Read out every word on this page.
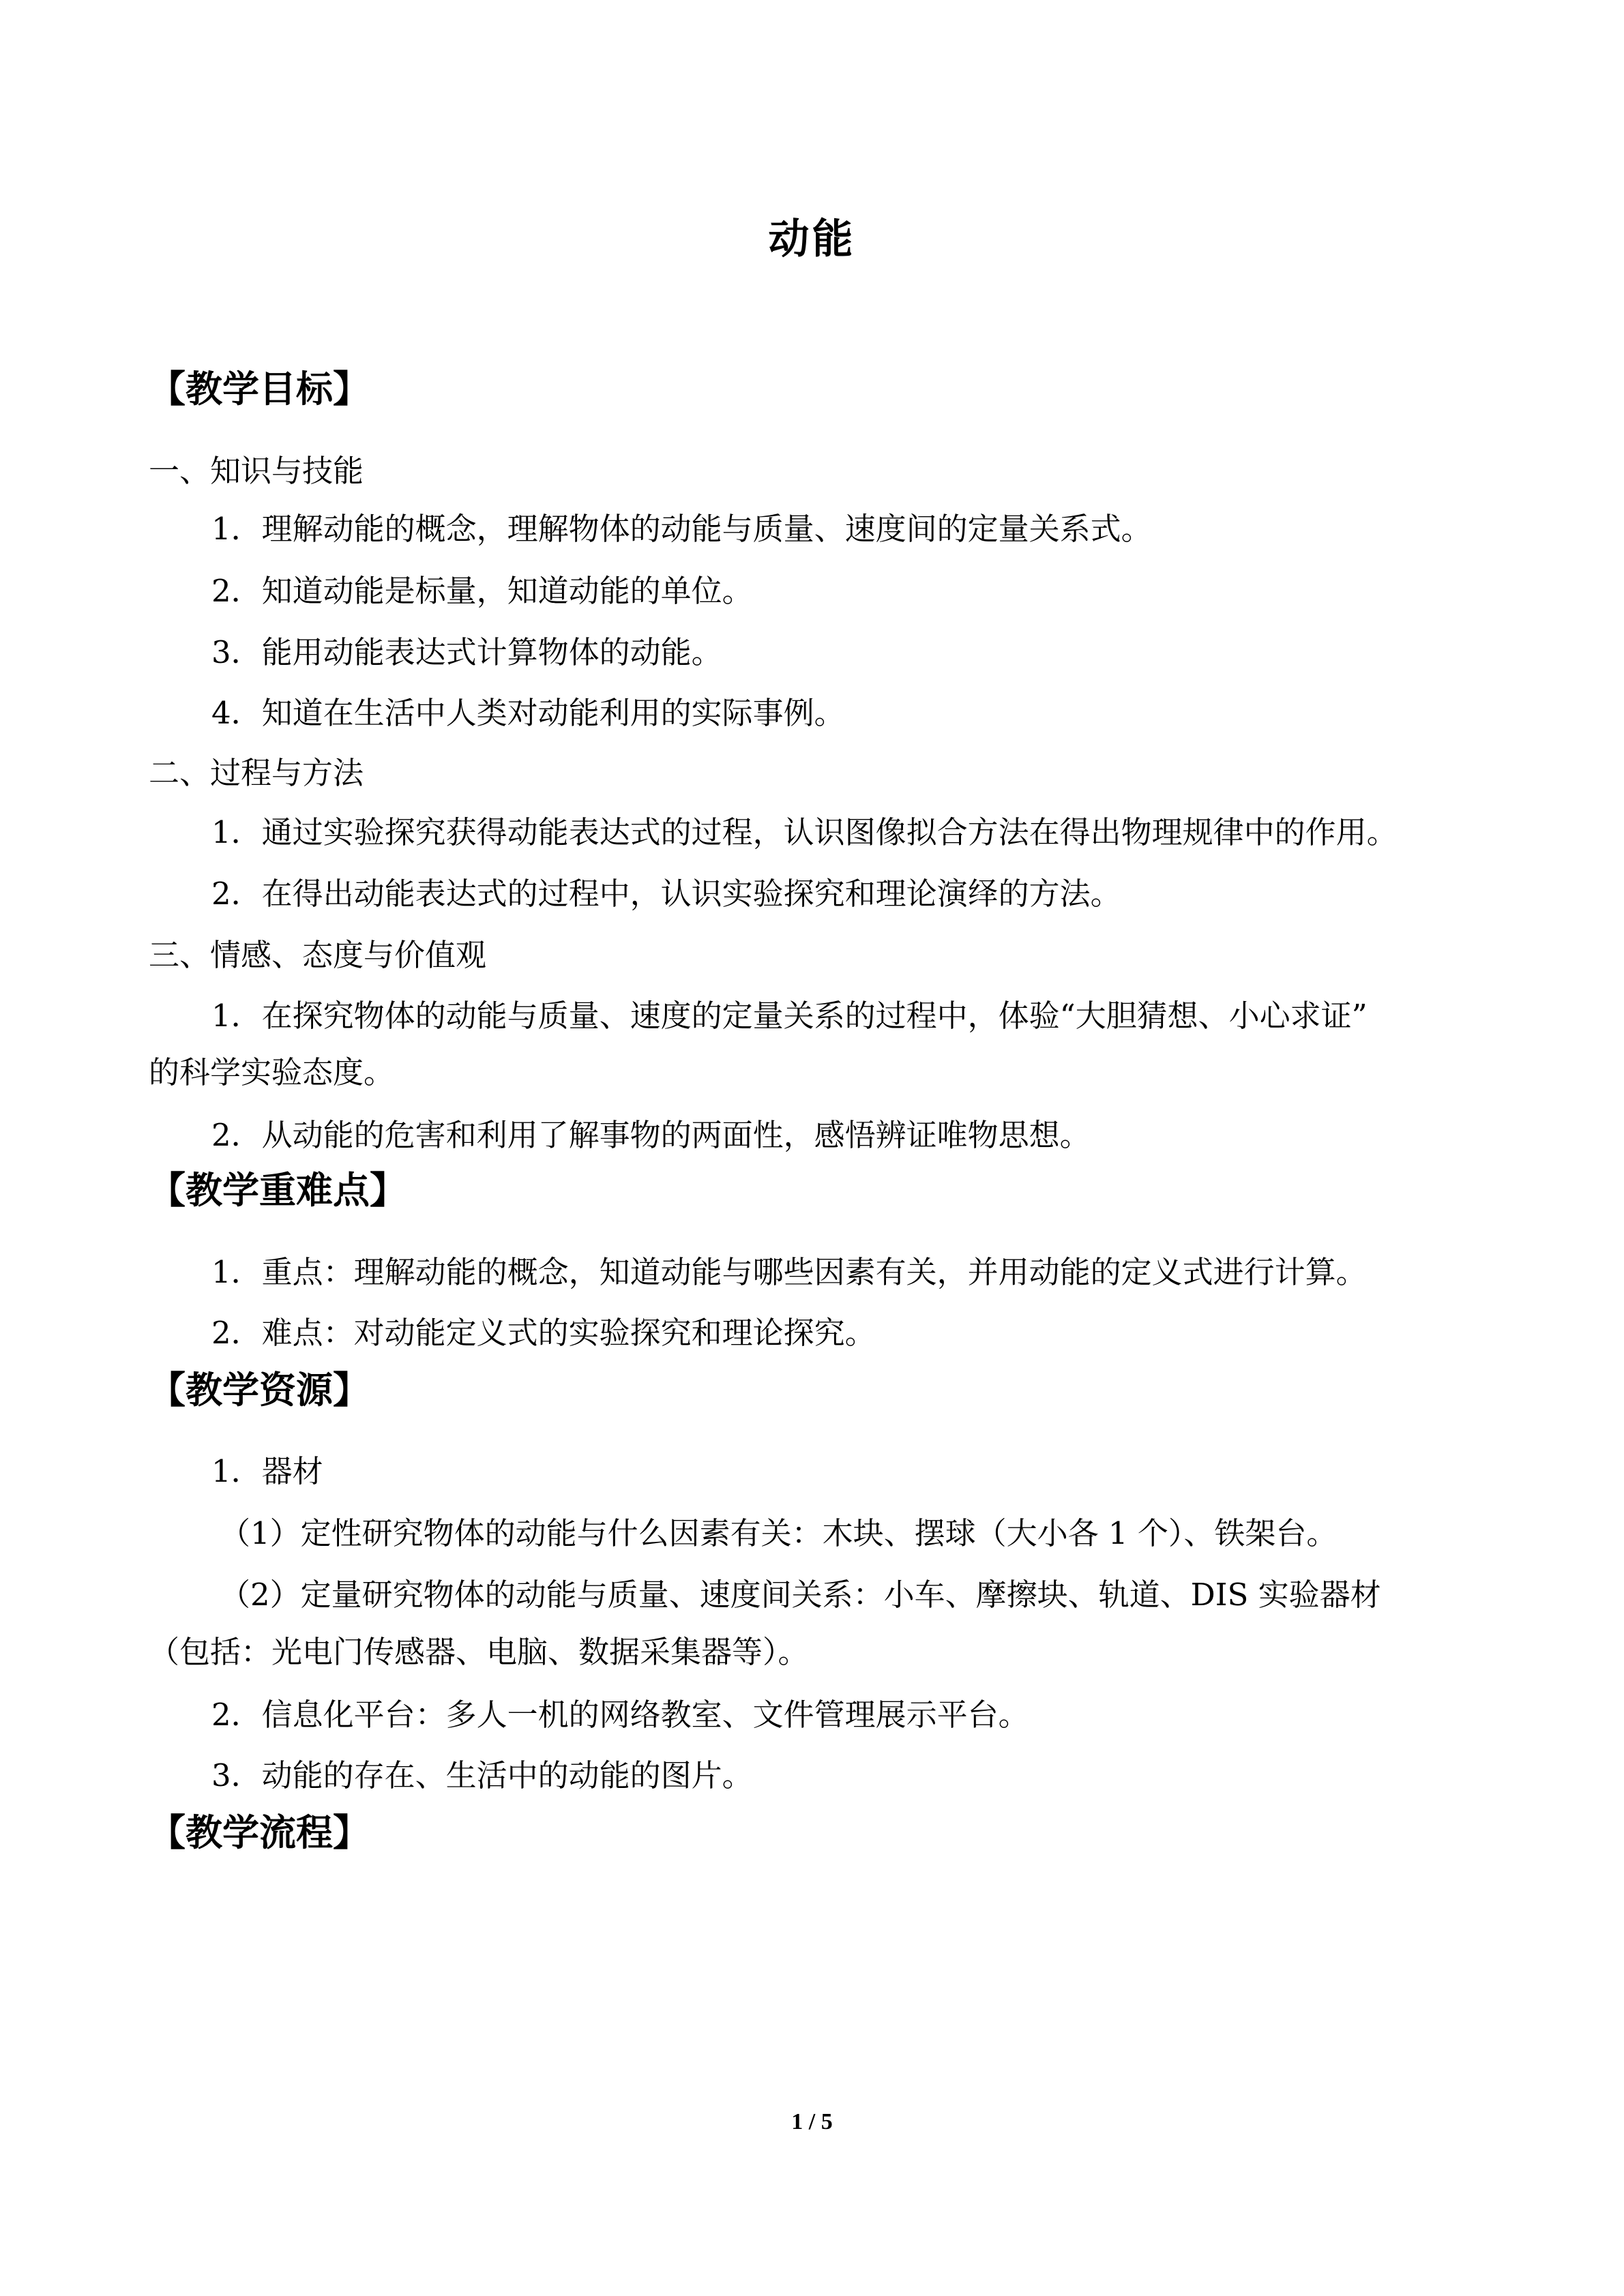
动能
【教学目标】
一、知识与技能
1．理解动能的概念，理解物体的动能与质量、速度间的定量关系式。
2．知道动能是标量，知道动能的单位。
3．能用动能表达式计算物体的动能。
4．知道在生活中人类对动能利用的实际事例。
二、过程与方法
1．通过实验探究获得动能表达式的过程，认识图像拟合方法在得出物理规律中的作用。
2．在得出动能表达式的过程中，认识实验探究和理论演绎的方法。
三、情感、态度与价值观
1．在探究物体的动能与质量、速度的定量关系的过程中，体验“大胆猜想、小心求证”
的科学实验态度。
2．从动能的危害和利用了解事物的两面性，感悟辨证唯物思想。
【教学重难点】
1．重点：理解动能的概念，知道动能与哪些因素有关，并用动能的定义式进行计算。
2．难点：对动能定义式的实验探究和理论探究。
【教学资源】
1．器材
（1）定性研究物体的动能与什么因素有关：木块、摆球（大小各 1 个）、铁架台。
（2）定量研究物体的动能与质量、速度间关系：小车、摩擦块、轨道、DIS 实验器材
（包括：光电门传感器、电脑、数据采集器等）。
2．信息化平台：多人一机的网络教室、文件管理展示平台。
3．动能的存在、生活中的动能的图片。
【教学流程】
1 / 5
